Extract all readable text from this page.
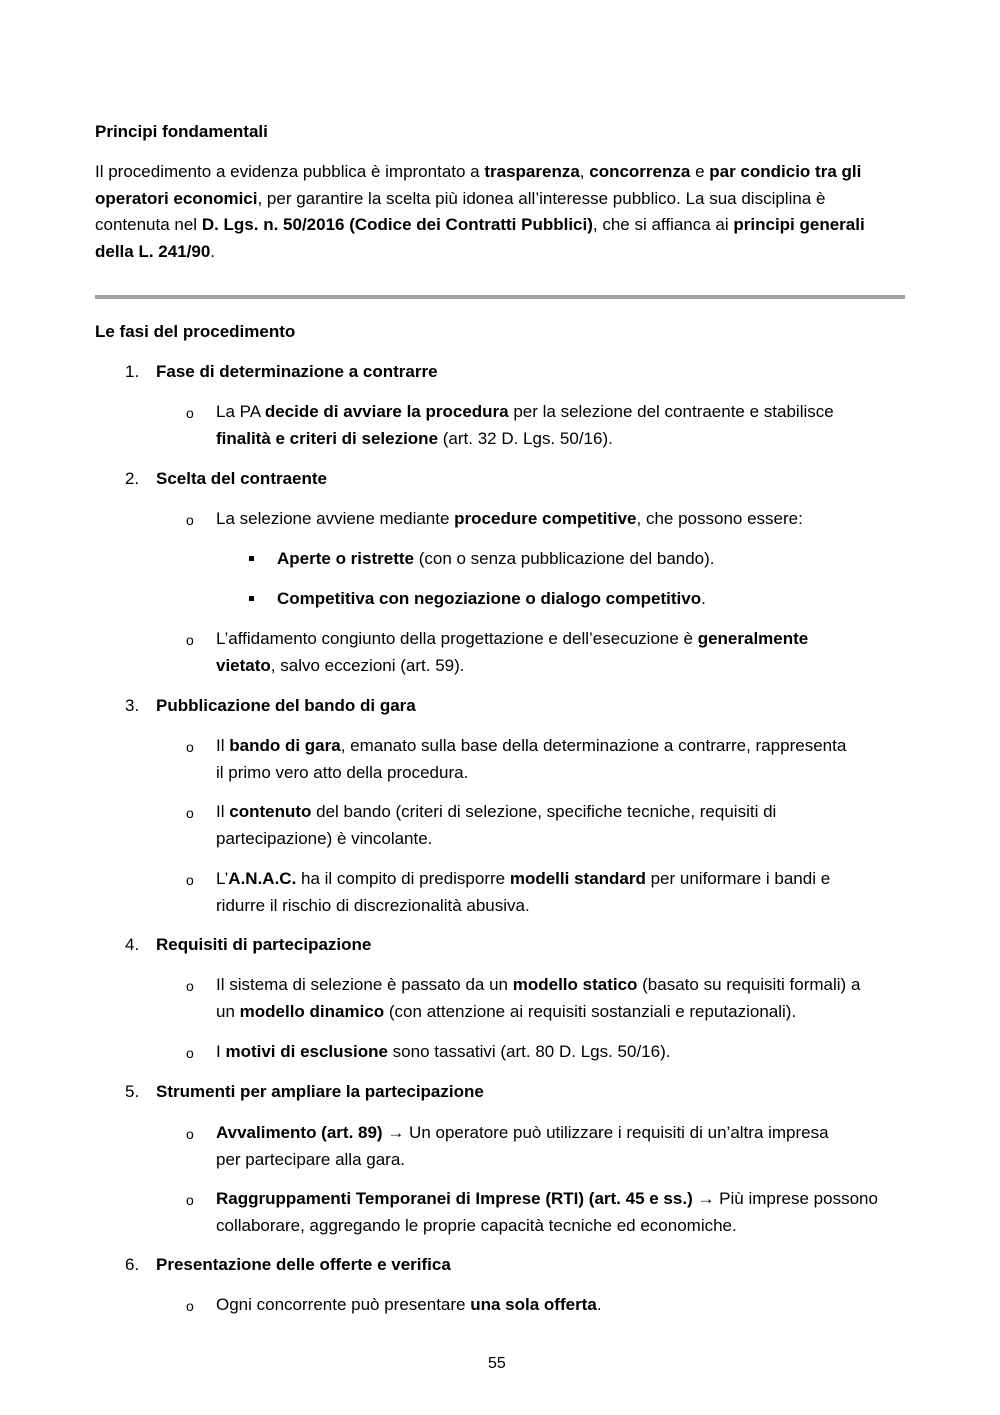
Principi fondamentali
Il procedimento a evidenza pubblica è improntato a trasparenza, concorrenza e par condicio tra gli
operatori economici, per garantire la scelta più idonea all’interesse pubblico. La sua disciplina è
contenuta nel D. Lgs. n. 50/2016 (Codice dei Contratti Pubblici), che si affianca ai principi generali
della L. 241/90.
Le fasi del procedimento
1. Fase di determinazione a contrarre
o La PA decide di avviare la procedura per la selezione del contraente e stabilisce
finalità e criteri di selezione (art. 32 D. Lgs. 50/16).
2. Scelta del contraente
o La selezione avviene mediante procedure competitive, che possono essere:
Aperte o ristrette (con o senza pubblicazione del bando).
Competitiva con negoziazione o dialogo competitivo.
o L’affidamento congiunto della progettazione e dell’esecuzione è generalmente
vietato, salvo eccezioni (art. 59).
3. Pubblicazione del bando di gara
o Il bando di gara, emanato sulla base della determinazione a contrarre, rappresenta
il primo vero atto della procedura.
o Il contenuto del bando (criteri di selezione, specifiche tecniche, requisiti di
partecipazione) è vincolante.
o L’A.N.A.C. ha il compito di predisporre modelli standard per uniformare i bandi e
ridurre il rischio di discrezionalità abusiva.
4. Requisiti di partecipazione
o Il sistema di selezione è passato da un modello statico (basato su requisiti formali) a
un modello dinamico (con attenzione ai requisiti sostanziali e reputazionali).
o I motivi di esclusione sono tassativi (art. 80 D. Lgs. 50/16).
5. Strumenti per ampliare la partecipazione
o Avvalimento (art. 89) → Un operatore può utilizzare i requisiti di un’altra impresa
per partecipare alla gara.
o Raggruppamenti Temporanei di Imprese (RTI) (art. 45 e ss.) → Più imprese possono
collaborare, aggregando le proprie capacità tecniche ed economiche.
6. Presentazione delle offerte e verifica
o Ogni concorrente può presentare una sola offerta.
55
